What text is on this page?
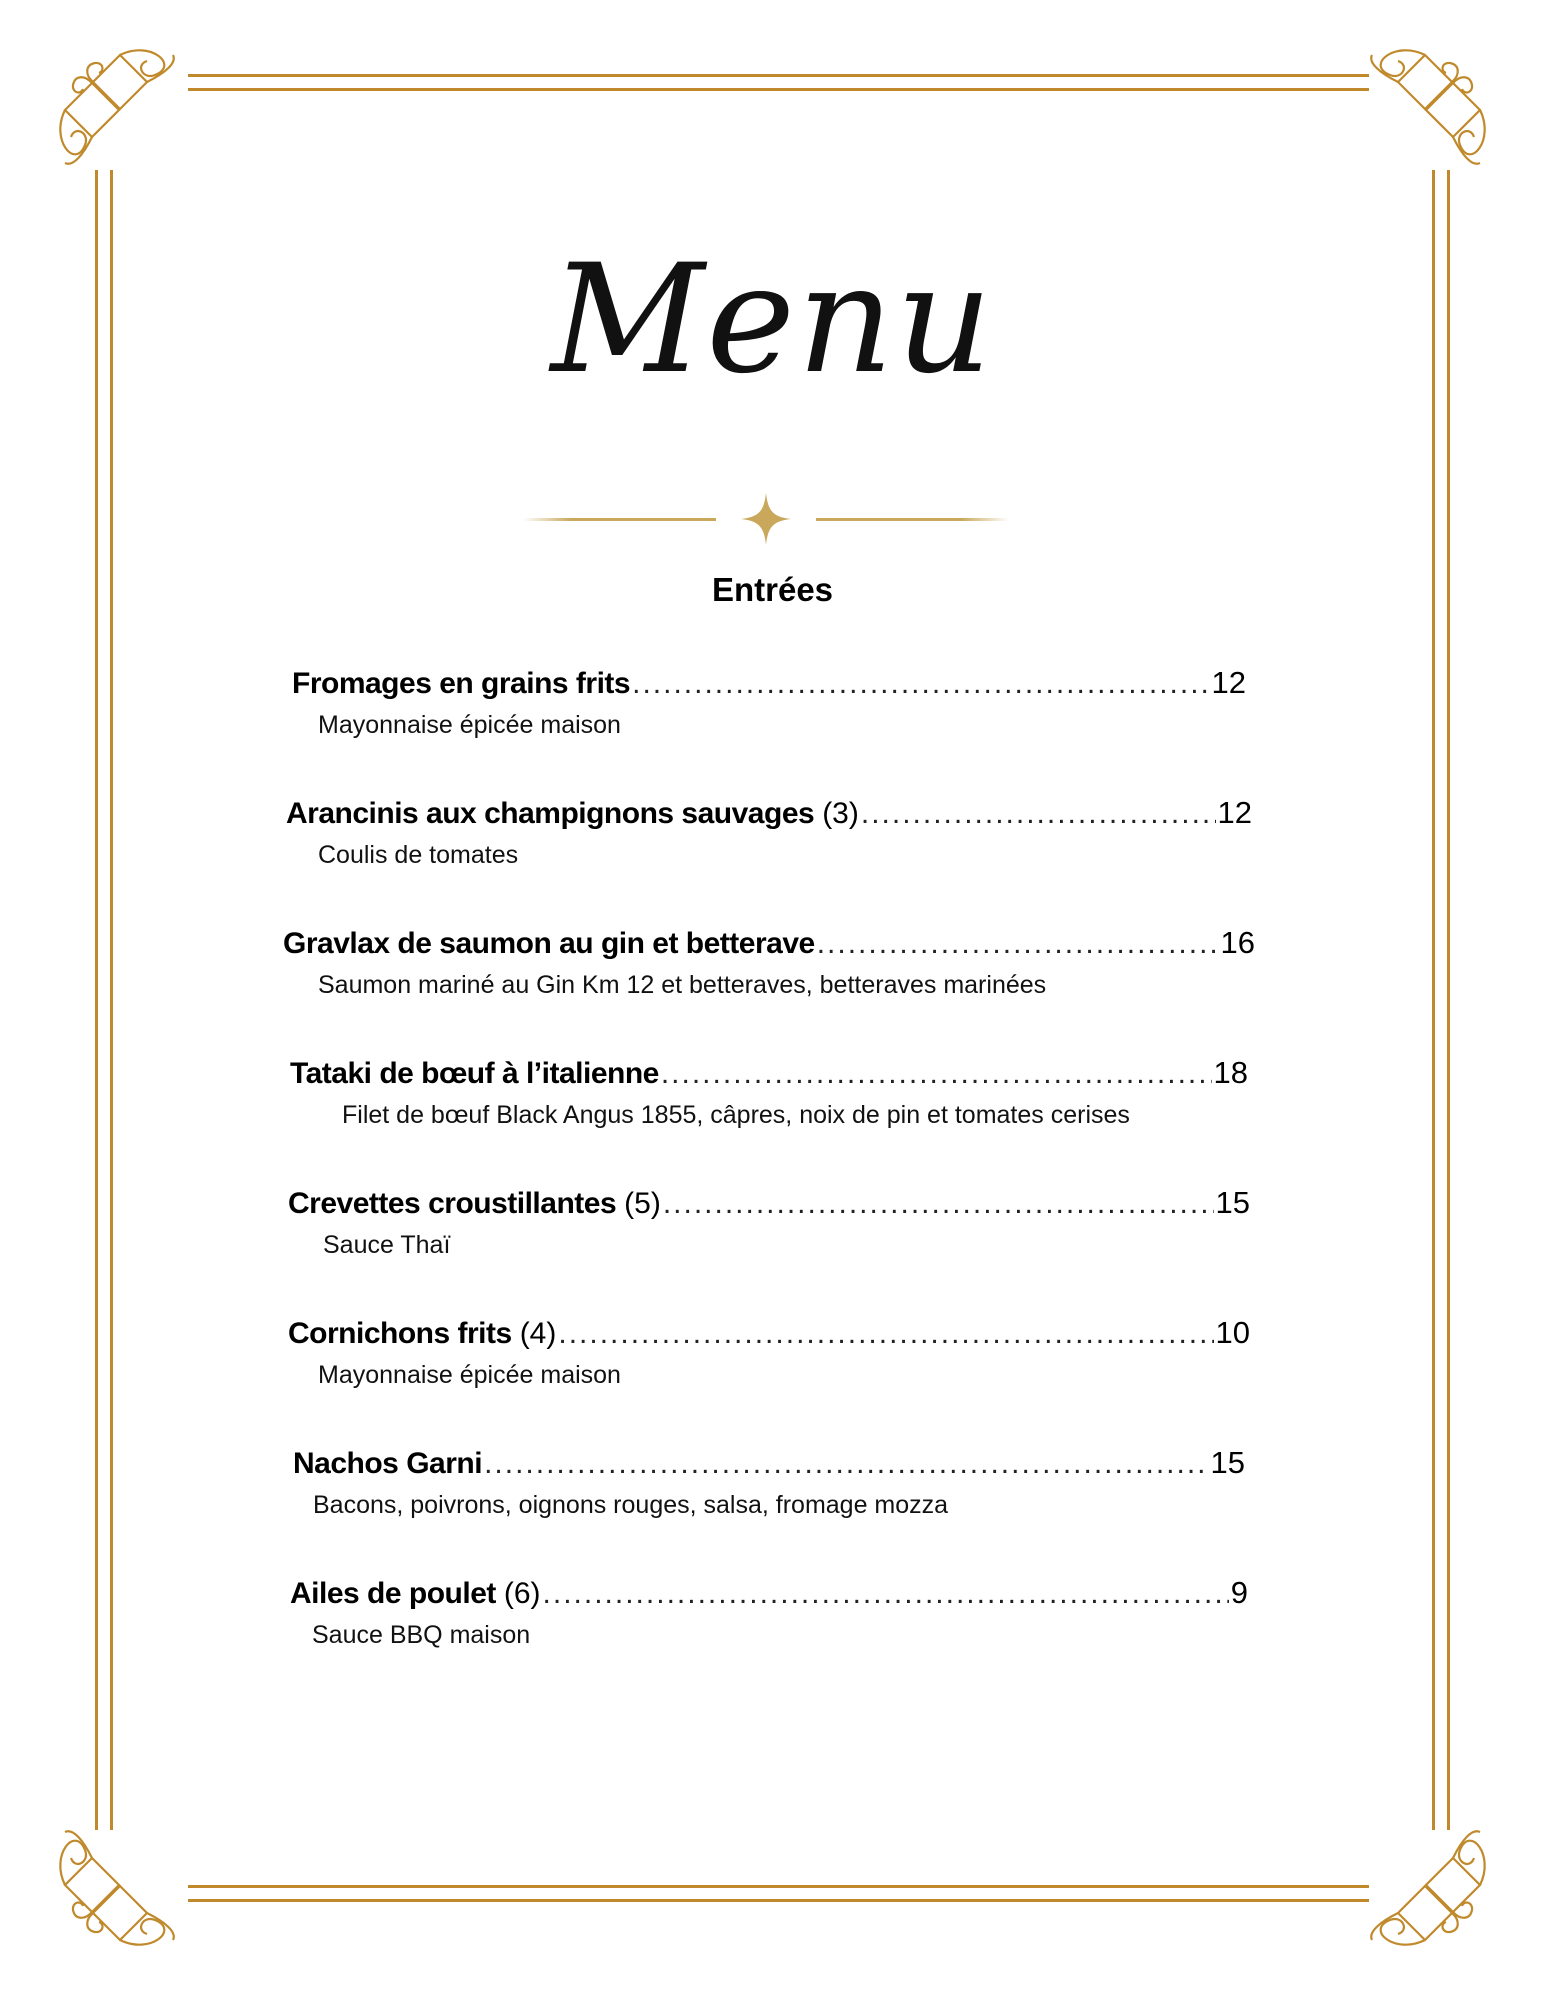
Menu
Entrées
Fromages en grains frits .....	12
Mayonnaise épicée maison
Arancinis aux champignons sauvages (3) .....	12
Coulis de tomates
Gravlax de saumon au gin et betterave .....	16
Saumon mariné au Gin Km 12 et betteraves, betteraves marinées
Tataki de bœuf à l’italienne .....	18
Filet de bœuf Black Angus 1855, câpres, noix de pin et tomates cerises
Crevettes croustillantes (5) .....	15
Sauce Thaï
Cornichons frits (4) .....	10
Mayonnaise épicée maison
Nachos Garni .....	15
Bacons, poivrons, oignons rouges, salsa, fromage mozza
Ailes de poulet (6) .....	9
Sauce BBQ maison
